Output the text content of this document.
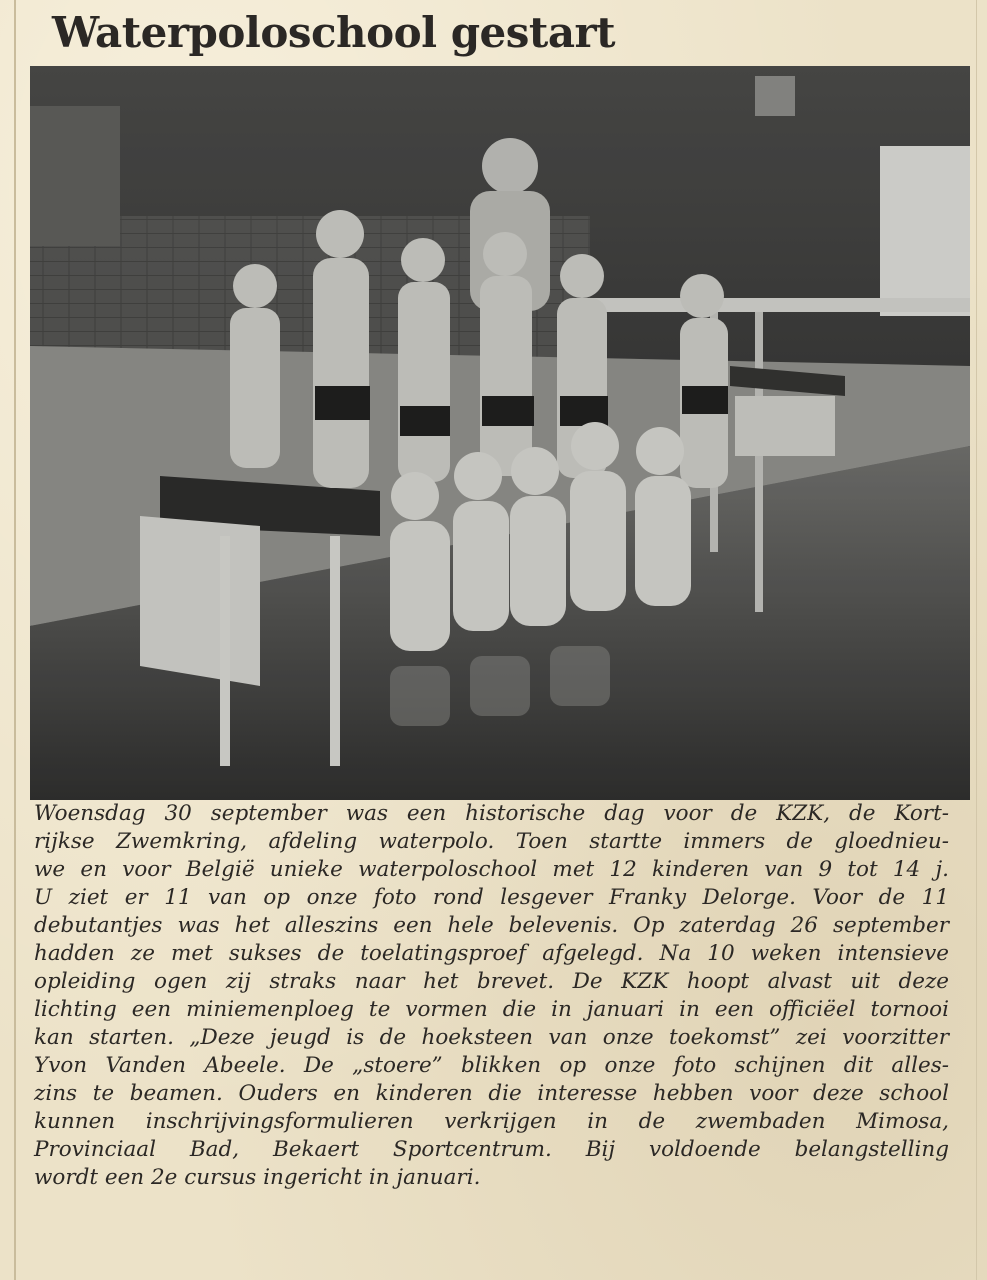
Waterpoloschool gestart
Woensdag 30 september was een historische dag voor de KZK, de Kort-
rijkse Zwemkring, afdeling waterpolo. Toen startte immers de gloednieu-
we en voor België unieke waterpoloschool met 12 kinderen van 9 tot 14 j.
U ziet er 11 van op onze foto rond lesgever Franky Delorge. Voor de 11
debutantjes was het alleszins een hele belevenis. Op zaterdag 26 september
hadden ze met sukses de toelatingsproef afgelegd. Na 10 weken intensieve
opleiding ogen zij straks naar het brevet. De KZK hoopt alvast uit deze
lichting een miniemenploeg te vormen die in januari in een officiëel tornooi
kan starten. „Deze jeugd is de hoeksteen van onze toekomst” zei voorzitter
Yvon Vanden Abeele. De „stoere” blikken op onze foto schijnen dit alles-
zins te beamen. Ouders en kinderen die interesse hebben voor deze school
kunnen inschrijvingsformulieren verkrijgen in de zwembaden Mimosa,
Provinciaal Bad, Bekaert Sportcentrum. Bij voldoende belangstelling
wordt een 2e cursus ingericht in januari.
